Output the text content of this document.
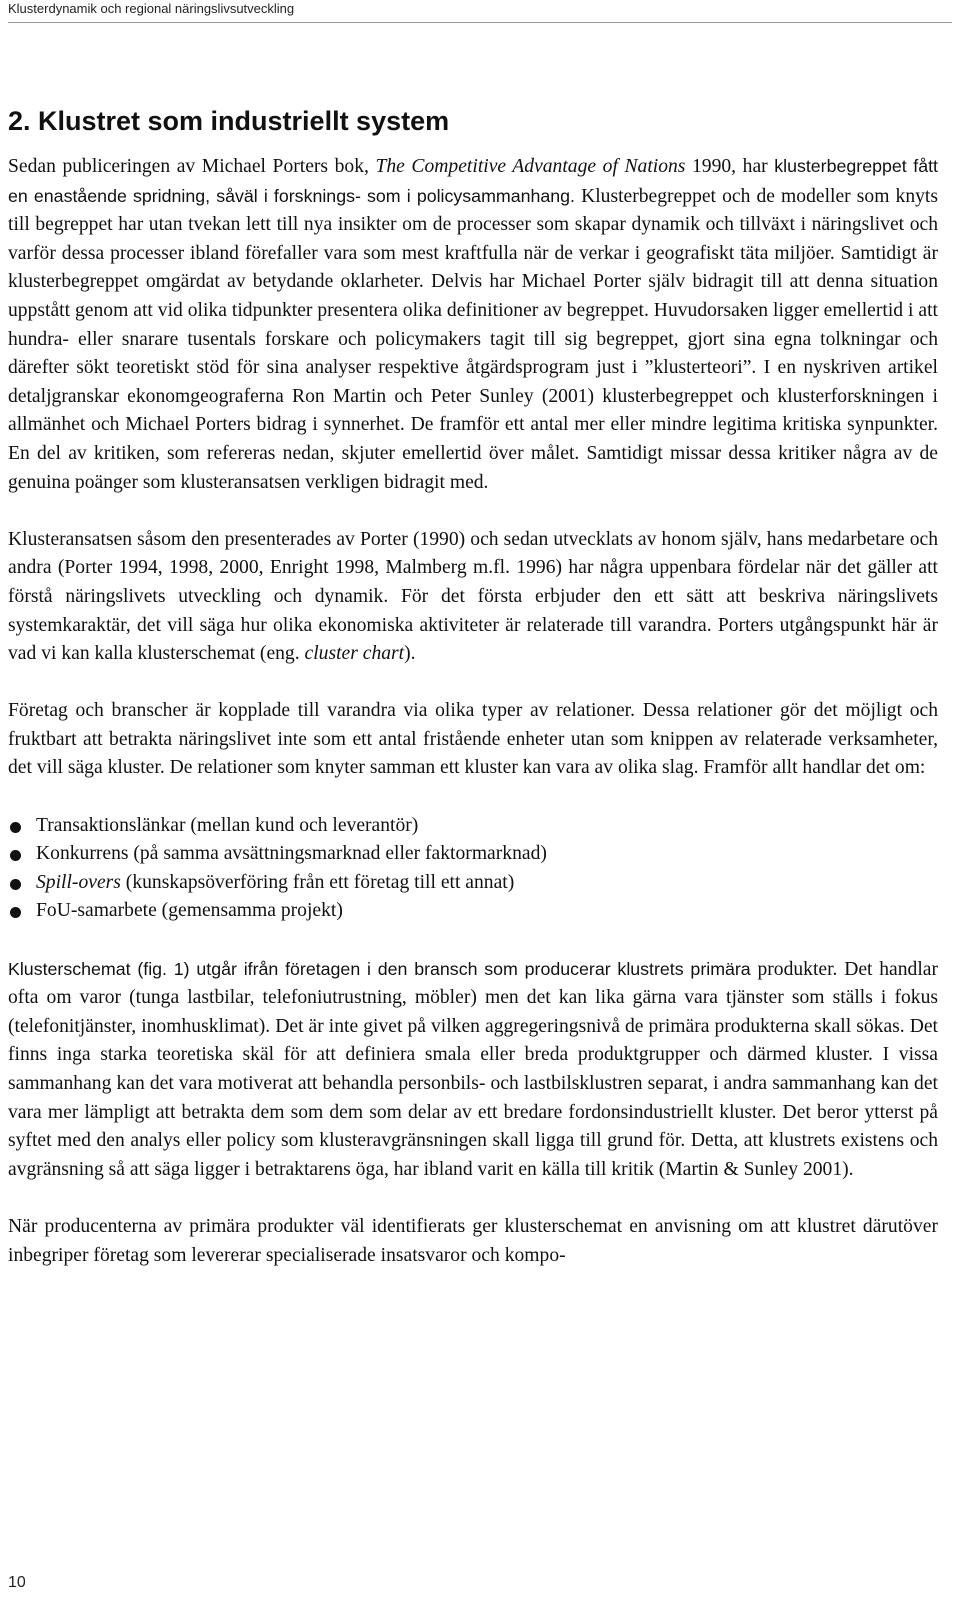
Klusterdynamik och regional näringslivsutveckling
2. Klustret som industriellt system

Sedan publiceringen av Michael Porters bok, The Competitive Advantage of Nations 1990, har klusterbegreppet fått en enastående spridning, såväl i forsknings- som i policysammanhang. Klusterbegreppet och de modeller som knyts till begreppet har utan tvekan lett till nya insikter om de processer som skapar dynamik och tillväxt i näringslivet och varför dessa processer ibland förefaller vara som mest kraftfulla när de verkar i geografiskt täta miljöer. Samtidigt är klusterbegreppet omgärdat av betydande oklarheter. Delvis har Michael Porter själv bidragit till att denna situation uppstått genom att vid olika tidpunkter presentera olika definitioner av begreppet. Huvudorsaken ligger emellertid i att hundra- eller snarare tusentals forskare och policymakers tagit till sig begreppet, gjort sina egna tolkningar och därefter sökt teoretiskt stöd för sina analyser respektive åtgärdsprogram just i ”klusterteori”. I en nyskriven artikel detaljgranskar ekonomgeograferna Ron Martin och Peter Sunley (2001) klusterbegreppet och klusterforskningen i allmänhet och Michael Porters bidrag i synnerhet. De framför ett antal mer eller mindre legitima kritiska synpunkter. En del av kritiken, som refereras nedan, skjuter emellertid över målet. Samtidigt missar dessa kritiker några av de genuina poänger som klusteransatsen verkligen bidragit med.

Klusteransatsen såsom den presenterades av Porter (1990) och sedan utvecklats av honom själv, hans medarbetare och andra (Porter 1994, 1998, 2000, Enright 1998, Malmberg m.fl. 1996) har några uppenbara fördelar när det gäller att förstå näringslivets utveckling och dynamik. För det första erbjuder den ett sätt att beskriva näringslivets systemkaraktär, det vill säga hur olika ekonomiska aktiviteter är relaterade till varandra. Porters utgångspunkt här är vad vi kan kalla klusterschemat (eng. cluster chart).

Företag och branscher är kopplade till varandra via olika typer av relationer. Dessa relationer gör det möjligt och fruktbart att betrakta näringslivet inte som ett antal fristående enheter utan som knippen av relaterade verksamheter, det vill säga kluster. De relationer som knyter samman ett kluster kan vara av olika slag. Framför allt handlar det om:

Transaktionslänkar (mellan kund och leverantör)
Konkurrens (på samma avsättningsmarknad eller faktormarknad)
Spill-overs (kunskapsöverföring från ett företag till ett annat)
FoU-samarbete (gemensamma projekt)

Klusterschemat (fig. 1) utgår ifrån företagen i den bransch som producerar klustrets primära produkter. Det handlar ofta om varor (tunga lastbilar, telefoniutrustning, möbler) men det kan lika gärna vara tjänster som ställs i fokus (telefonitjänster, inomhusklimat). Det är inte givet på vilken aggregeringsnivå de primära produkterna skall sökas. Det finns inga starka teoretiska skäl för att definiera smala eller breda produktgrupper och därmed kluster. I vissa sammanhang kan det vara motiverat att behandla personbils- och lastbilsklustren separat, i andra sammanhang kan det vara mer lämpligt att betrakta dem som dem som delar av ett bredare fordonsindustriellt kluster. Det beror ytterst på syftet med den analys eller policy som klusteravgränsningen skall ligga till grund för. Detta, att klustrets existens och avgränsning så att säga ligger i betraktarens öga, har ibland varit en källa till kritik (Martin & Sunley 2001).

När producenterna av primära produkter väl identifierats ger klusterschemat en anvisning om att klustret därutöver inbegriper företag som levererar specialiserade insatsvaror och kompo-

10
